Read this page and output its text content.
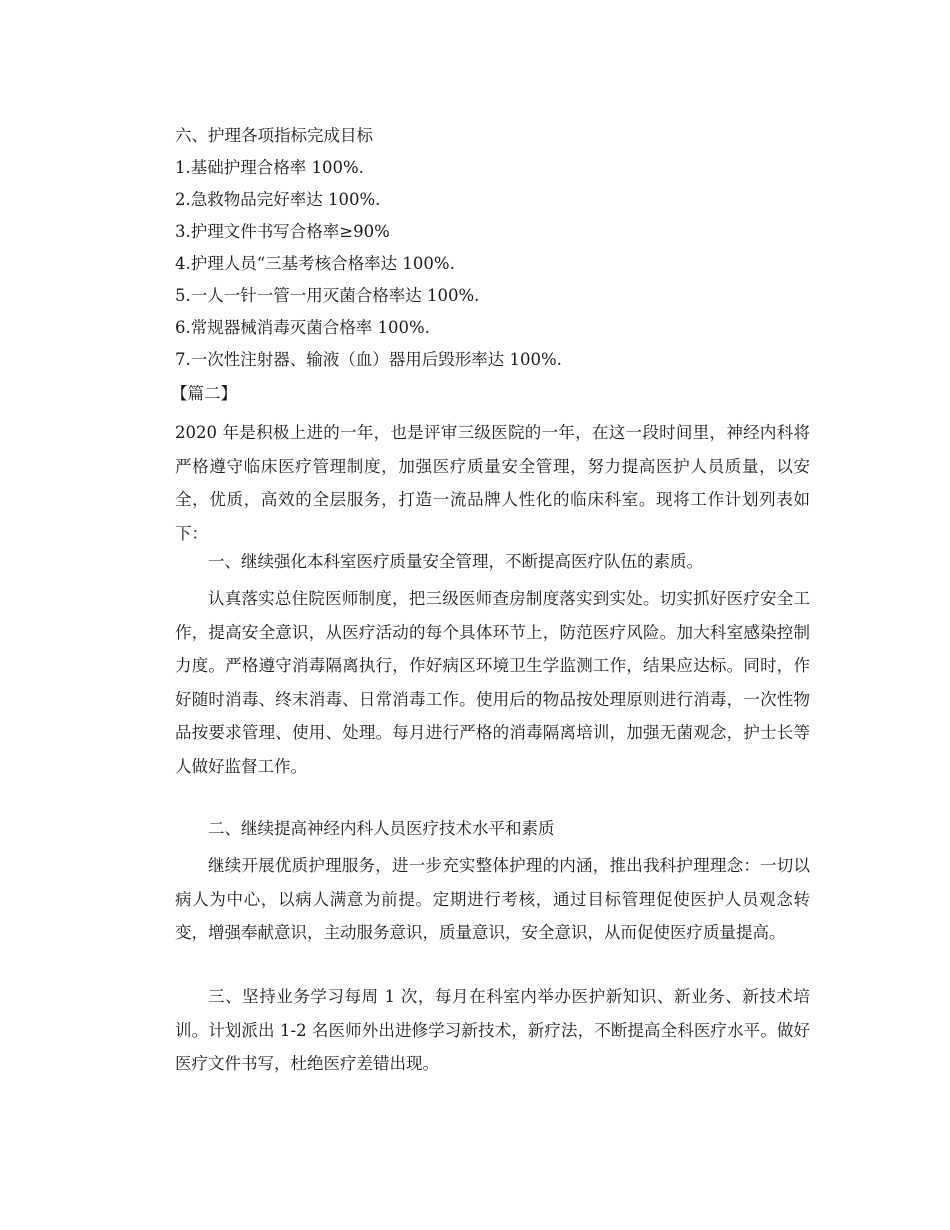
六、护理各项指标完成目标
1.基础护理合格率 100%.
2.急救物品完好率达 100%.
3.护理文件书写合格率≥90%
4.护理人员“三基考核合格率达 100%.
5.一人一针一管一用灭菌合格率达 100%.
6.常规器械消毒灭菌合格率 100%.
7.一次性注射器、输液（血）器用后毁形率达 100%.
【篇二】

2020 年是积极上进的一年，也是评审三级医院的一年，在这一段时间里，神经内科将严格遵守临床医疗管理制度，加强医疗质量安全管理，努力提高医护人员质量，以安全，优质，高效的全层服务，打造一流品牌人性化的临床科室。现将工作计划列表如下：

一、继续强化本科室医疗质量安全管理，不断提高医疗队伍的素质。

认真落实总住院医师制度，把三级医师查房制度落实到实处。切实抓好医疗安全工作，提高安全意识，从医疗活动的每个具体环节上，防范医疗风险。加大科室感染控制力度。严格遵守消毒隔离执行，作好病区环境卫生学监测工作，结果应达标。同时，作好随时消毒、终末消毒、日常消毒工作。使用后的物品按处理原则进行消毒，一次性物品按要求管理、使用、处理。每月进行严格的消毒隔离培训，加强无菌观念，护士长等人做好监督工作。

二、继续提高神经内科人员医疗技术水平和素质

继续开展优质护理服务，进一步充实整体护理的内涵，推出我科护理理念：一切以病人为中心，以病人满意为前提。定期进行考核，通过目标管理促使医护人员观念转变，增强奉献意识，主动服务意识，质量意识，安全意识，从而促使医疗质量提高。

三、坚持业务学习每周 1 次，每月在科室内举办医护新知识、新业务、新技术培训。计划派出 1-2 名医师外出进修学习新技术，新疗法，不断提高全科医疗水平。做好医疗文件书写，杜绝医疗差错出现。
